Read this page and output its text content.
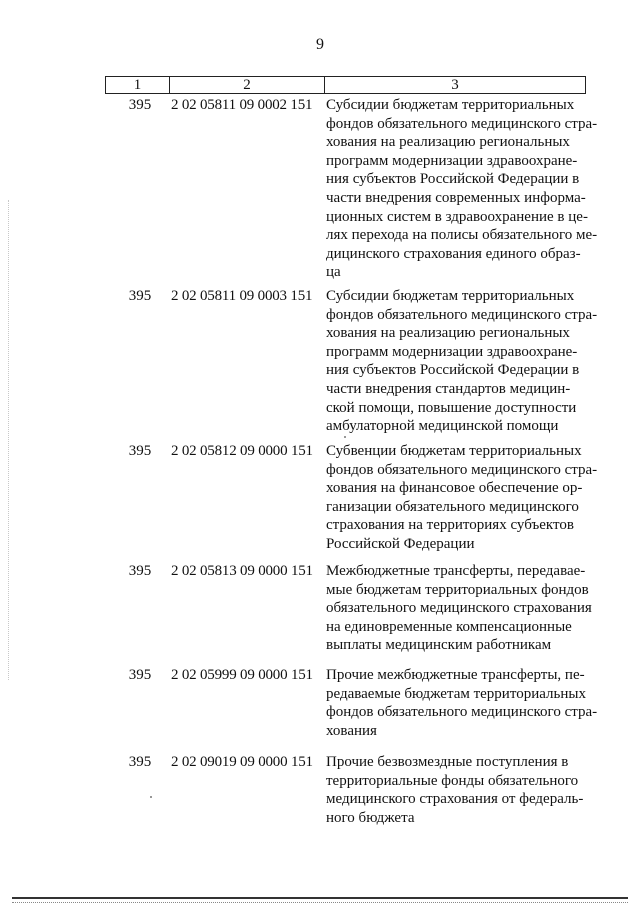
9
1	2	3
395	2 02 05811 09 0002 151 Субсидии бюджетам территориальных
фондов обязательного медицинского стра-
хования на реализацию региональных
программ модернизации здравоохране-
ния субъектов Российской Федерации в
части внедрения современных информа-
ционных систем в здравоохранение в це-
лях перехода на полисы обязательного ме-
дицинского страхования единого образ-
ца
395	2 02 05811 09 0003 151 Субсидии бюджетам территориальных
фондов обязательного медицинского стра-
хования на реализацию региональных
программ модернизации здравоохране-
ния субъектов Российской Федерации в
части внедрения стандартов медицин-
ской помощи, повышение доступности
амбулаторной медицинской помощи
395	2 02 05812 09 0000 151 Субвенции бюджетам территориальных
фондов обязательного медицинского стра-
хования на финансовое обеспечение ор-
ганизации обязательного медицинского
страхования на территориях субъектов
Российской Федерации
395	2 02 05813 09 0000 151 Межбюджетные трансферты, передавае-
мые бюджетам территориальных фондов
обязательного медицинского страхования
на единовременные компенсационные
выплаты медицинским работникам
395	2 02 05999 09 0000 151 Прочие межбюджетные трансферты, пе-
редаваемые бюджетам территориальных
фондов обязательного медицинского стра-
хования
395	2 02 09019 09 0000 151 Прочие безвозмездные поступления в
территориальные фонды обязательного
медицинского страхования от федераль-
ного бюджета
